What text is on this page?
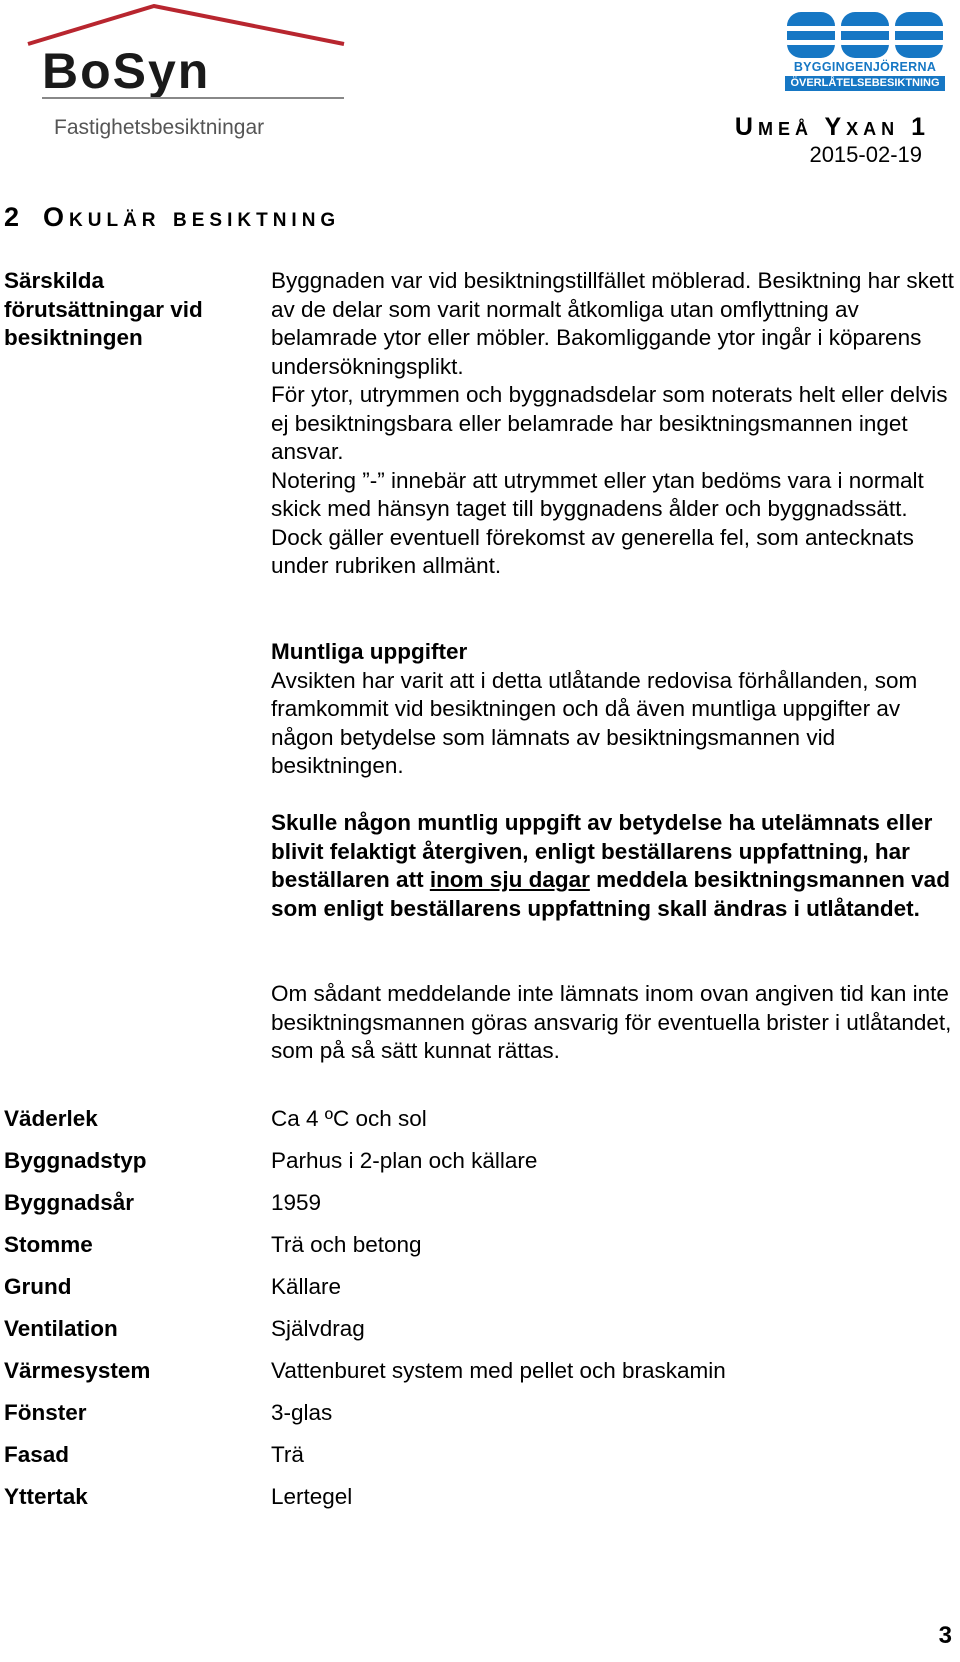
BoSyn
Fastighetsbesiktningar
BYGGINGENJÖRERNA
ÖVERLÅTELSEBESIKTNING
Umeå Yxan 1
2015-02-19
2 Okulär besiktning
Särskilda förutsättningar vid besiktningen

Byggnaden var vid besiktningstillfället möblerad. Besiktning har skett av de delar som varit normalt åtkomliga utan omflyttning av belamrade ytor eller möbler. Bakomliggande ytor ingår i köparens undersökningsplikt.

För ytor, utrymmen och byggnadsdelar som noterats helt eller delvis ej besiktningsbara eller belamrade har besiktningsmannen inget ansvar.

Notering ”-” innebär att utrymmet eller ytan bedöms vara i normalt skick med hänsyn taget till byggnadens ålder och byggnadssätt. Dock gäller eventuell förekomst av generella fel, som antecknats under rubriken allmänt.

Muntliga uppgifter

Avsikten har varit att i detta utlåtande redovisa förhållanden, som framkommit vid besiktningen och då även muntliga uppgifter av någon betydelse som lämnats av besiktningsmannen vid besiktningen.

Skulle någon muntlig uppgift av betydelse ha utelämnats eller blivit felaktigt återgiven, enligt beställarens uppfattning, har beställaren att inom sju dagar meddela besiktningsmannen vad som enligt beställarens uppfattning skall ändras i utlåtandet.
Om sådant meddelande inte lämnats inom ovan angiven tid kan inte besiktningsmannen göras ansvarig för eventuella brister i utlåtandet, som på så sätt kunnat rättas.
Väderlek	Ca 4 ºC och sol
Byggnadstyp	Parhus i 2-plan och källare
Byggnadsår	1959
Stomme	Trä och betong
Grund	Källare
Ventilation	Självdrag
Värmesystem	Vattenburet system med pellet och braskamin
Fönster	3-glas
Fasad	Trä
Yttertak	Lertegel
3
